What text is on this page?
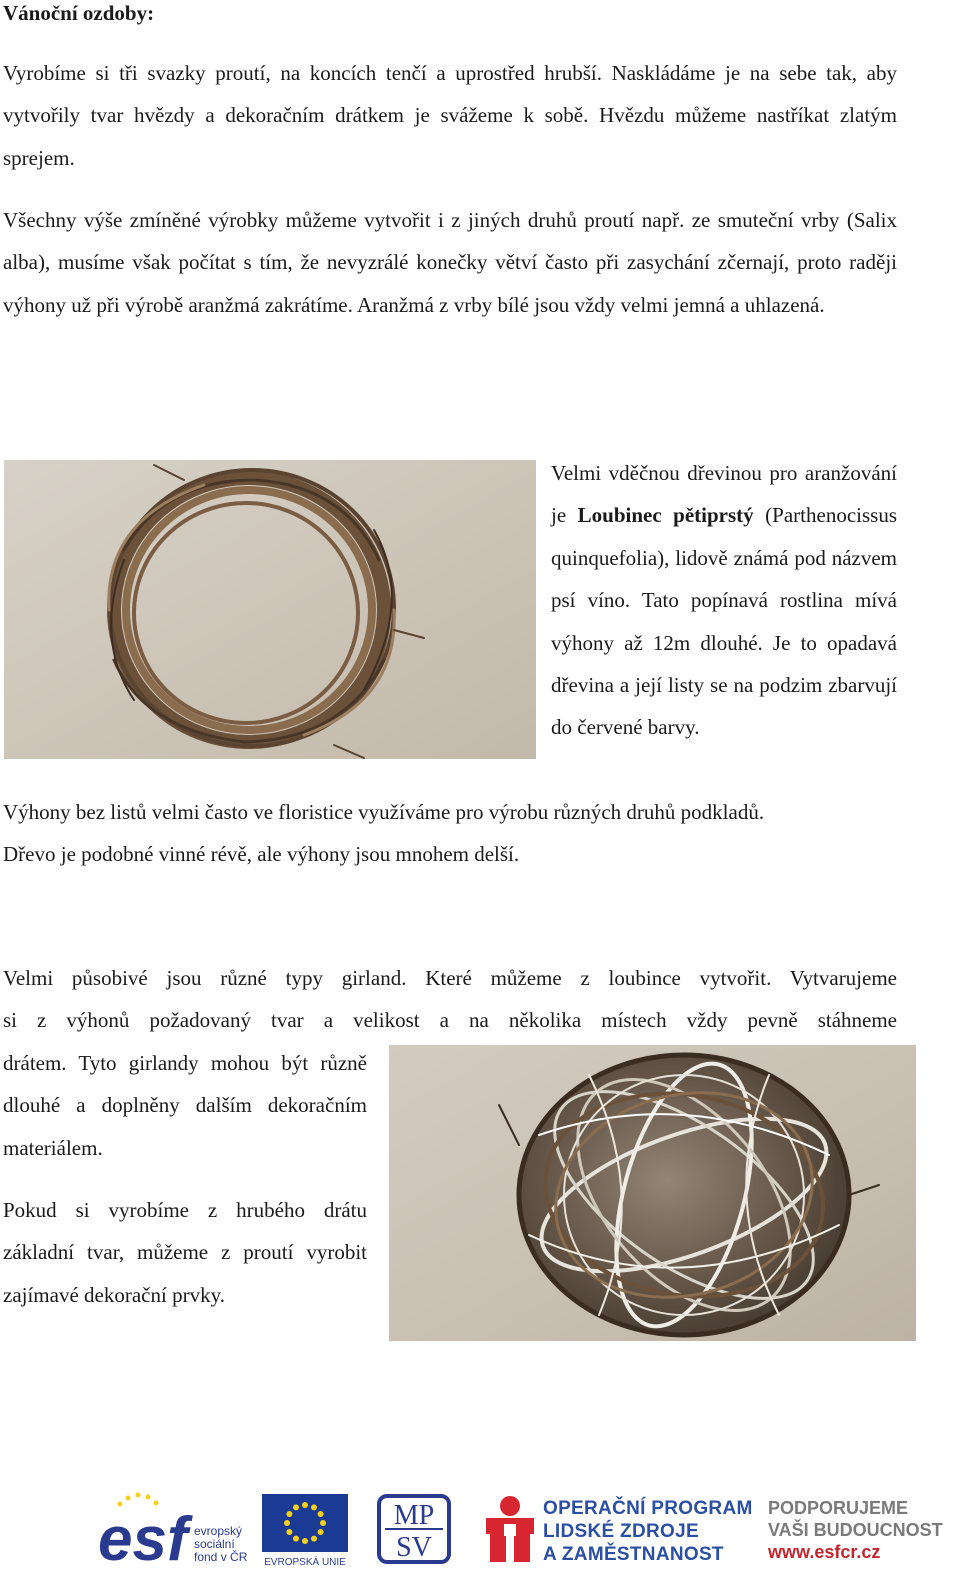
Vánoční ozdoby:

Vyrobíme si tři svazky proutí, na koncích tenčí a uprostřed hrubší. Naskládáme je na sebe tak, aby vytvořily tvar hvězdy a dekoračním drátkem je svážeme k sobě. Hvězdu můžeme nastříkat zlatým sprejem.

Všechny výše zmíněné výrobky můžeme vytvořit i z jiných druhů proutí např. ze smuteční vrby (Salix alba), musíme však počítat s tím, že nevyzrálé konečky větví často při zasychání zčernají, proto raději výhony už při výrobě aranžmá zakrátíme. Aranžmá z vrby bílé jsou vždy velmi jemná a uhlazená.

Velmi vděčnou dřevinou pro aranžování je Loubinec pětiprstý (Parthenocissus quinquefolia), lidově známá pod názvem psí víno. Tato popínavá rostlina mívá výhony až 12m dlouhé. Je to opadavá dřevina a její listy se na podzim zbarvují do červené barvy.

Výhony bez listů velmi často ve floristice využíváme pro výrobu různých druhů podkladů.

Dřevo je podobné vinné révě, ale výhony jsou mnohem delší.

Velmi působivé jsou různé typy girland. Které můžeme z loubince vytvořit. Vytvarujeme

si z výhonů požadovaný tvar a velikost a na několika místech vždy pevně stáhneme

drátem. Tyto girlandy mohou být různě dlouhé a doplněny dalším dekoračním materiálem.

Pokud si vyrobíme z hrubého drátu základní tvar, můžeme z proutí vyrobit zajímavé dekorační prvky.

esf evropský
sociální
fond v ČR	EVROPSKÁ UNIE
MP
SV
OPERAČNÍ PROGRAM
LIDSKÉ ZDROJE
A ZAMĚSTNANOST
PODPORUJEME
VAŠI BUDOUCNOST
www.esfcr.cz
